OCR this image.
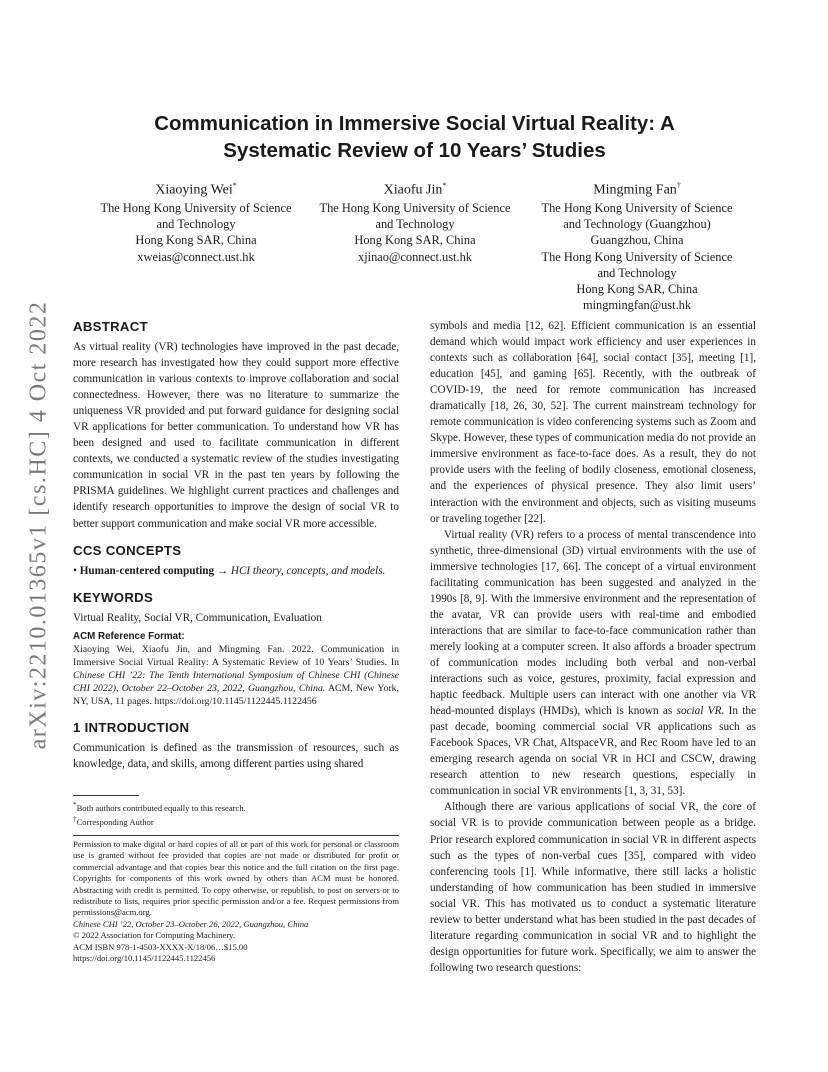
arXiv:2210.01365v1 [cs.HC] 4 Oct 2022
Communication in Immersive Social Virtual Reality: A
Systematic Review of 10 Years’ Studies
Xiaoying Wei*
The Hong Kong University of Science
and Technology
Hong Kong SAR, China
xweias@connect.ust.hk
Xiaofu Jin*
The Hong Kong University of Science
and Technology
Hong Kong SAR, China
xjinao@connect.ust.hk
Mingming Fan†
The Hong Kong University of Science
and Technology (Guangzhou)
Guangzhou, China
The Hong Kong University of Science
and Technology
Hong Kong SAR, China
mingmingfan@ust.hk
ABSTRACT

As virtual reality (VR) technologies have improved in the past decade, more research has investigated how they could support more effective communication in various contexts to improve collaboration and social connectedness. However, there was no literature to summarize the uniqueness VR provided and put forward guidance for designing social VR applications for better communication. To understand how VR has been designed and used to facilitate communication in different contexts, we conducted a systematic review of the studies investigating communication in social VR in the past ten years by following the PRISMA guidelines. We highlight current practices and challenges and identify research opportunities to improve the design of social VR to better support communication and make social VR more accessible.

CCS CONCEPTS

• Human-centered computing → HCI theory, concepts, and models.

KEYWORDS

Virtual Reality, Social VR, Communication, Evaluation

ACM Reference Format:

Xiaoying Wei, Xiaofu Jin, and Mingming Fan. 2022. Communication in Immersive Social Virtual Reality: A Systematic Review of 10 Years’ Studies. In Chinese CHI ’22: The Tenth International Symposium of Chinese CHI (Chinese CHI 2022), October 22–October 23, 2022, Guangzhou, China. ACM, New York, NY, USA, 11 pages. https://doi.org/10.1145/1122445.1122456

1 INTRODUCTION

Communication is defined as the transmission of resources, such as knowledge, data, and skills, among different parties using shared

*Both authors contributed equally to this research.
†Corresponding Author

Permission to make digital or hard copies of all or part of this work for personal or classroom use is granted without fee provided that copies are not made or distributed for profit or commercial advantage and that copies bear this notice and the full citation on the first page. Copyrights for components of this work owned by others than ACM must be honored. Abstracting with credit is permitted. To copy otherwise, or republish, to post on servers or to redistribute to lists, requires prior specific permission and/or a fee. Request permissions from permissions@acm.org.

Chinese CHI ’22, October 23–October 26, 2022, Guangzhou, China
© 2022 Association for Computing Machinery.
ACM ISBN 978-1-4503-XXXX-X/18/06…$15.00
https://doi.org/10.1145/1122445.1122456

symbols and media [12, 62]. Efficient communication is an essential demand which would impact work efficiency and user experiences in contexts such as collaboration [64], social contact [35], meeting [1], education [45], and gaming [65]. Recently, with the outbreak of COVID-19, the need for remote communication has increased dramatically [18, 26, 30, 52]. The current mainstream technology for remote communication is video conferencing systems such as Zoom and Skype. However, these types of communication media do not provide an immersive environment as face-to-face does. As a result, they do not provide users with the feeling of bodily closeness, emotional closeness, and the experiences of physical presence. They also limit users’ interaction with the environment and objects, such as visiting museums or traveling together [22].

Virtual reality (VR) refers to a process of mental transcendence into synthetic, three-dimensional (3D) virtual environments with the use of immersive technologies [17, 66]. The concept of a virtual environment facilitating communication has been suggested and analyzed in the 1990s [8, 9]. With the immersive environment and the representation of the avatar, VR can provide users with real-time and embodied interactions that are similar to face-to-face communication rather than merely looking at a computer screen. It also affords a broader spectrum of communication modes including both verbal and non-verbal interactions such as voice, gestures, proximity, facial expression and haptic feedback. Multiple users can interact with one another via VR head-mounted displays (HMDs), which is known as social VR. In the past decade, booming commercial social VR applications such as Facebook Spaces, VR Chat, AltspaceVR, and Rec Room have led to an emerging research agenda on social VR in HCI and CSCW, drawing research attention to new research questions, especially in communication in social VR environments [1, 3, 31, 53].

Although there are various applications of social VR, the core of social VR is to provide communication between people as a bridge. Prior research explored communication in social VR in different aspects such as the types of non-verbal cues [35], compared with video conferencing tools [1]. While informative, there still lacks a holistic understanding of how communication has been studied in immersive social VR. This has motivated us to conduct a systematic literature review to better understand what has been studied in the past decades of literature regarding communication in social VR and to highlight the design opportunities for future work. Specifically, we aim to answer the following two research questions:
